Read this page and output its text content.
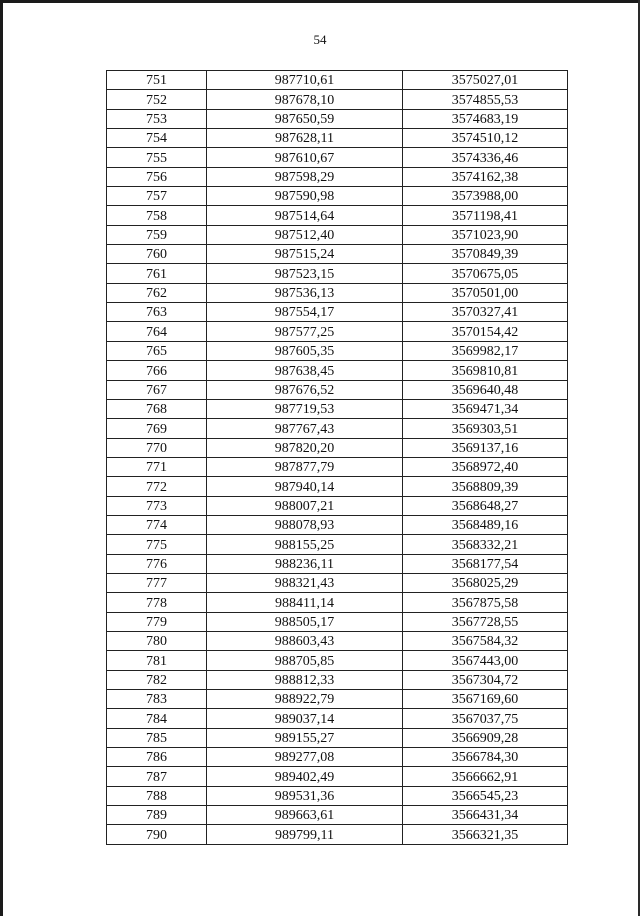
54
751	987710,61	3575027,01
752	987678,10	3574855,53
753	987650,59	3574683,19
754	987628,11	3574510,12
755	987610,67	3574336,46
756	987598,29	3574162,38
757	987590,98	3573988,00
758	987514,64	3571198,41
759	987512,40	3571023,90
760	987515,24	3570849,39
761	987523,15	3570675,05
762	987536,13	3570501,00
763	987554,17	3570327,41
764	987577,25	3570154,42
765	987605,35	3569982,17
766	987638,45	3569810,81
767	987676,52	3569640,48
768	987719,53	3569471,34
769	987767,43	3569303,51
770	987820,20	3569137,16
771	987877,79	3568972,40
772	987940,14	3568809,39
773	988007,21	3568648,27
774	988078,93	3568489,16
775	988155,25	3568332,21
776	988236,11	3568177,54
777	988321,43	3568025,29
778	988411,14	3567875,58
779	988505,17	3567728,55
780	988603,43	3567584,32
781	988705,85	3567443,00
782	988812,33	3567304,72
783	988922,79	3567169,60
784	989037,14	3567037,75
785	989155,27	3566909,28
786	989277,08	3566784,30
787	989402,49	3566662,91
788	989531,36	3566545,23
789	989663,61	3566431,34
790	989799,11	3566321,35
